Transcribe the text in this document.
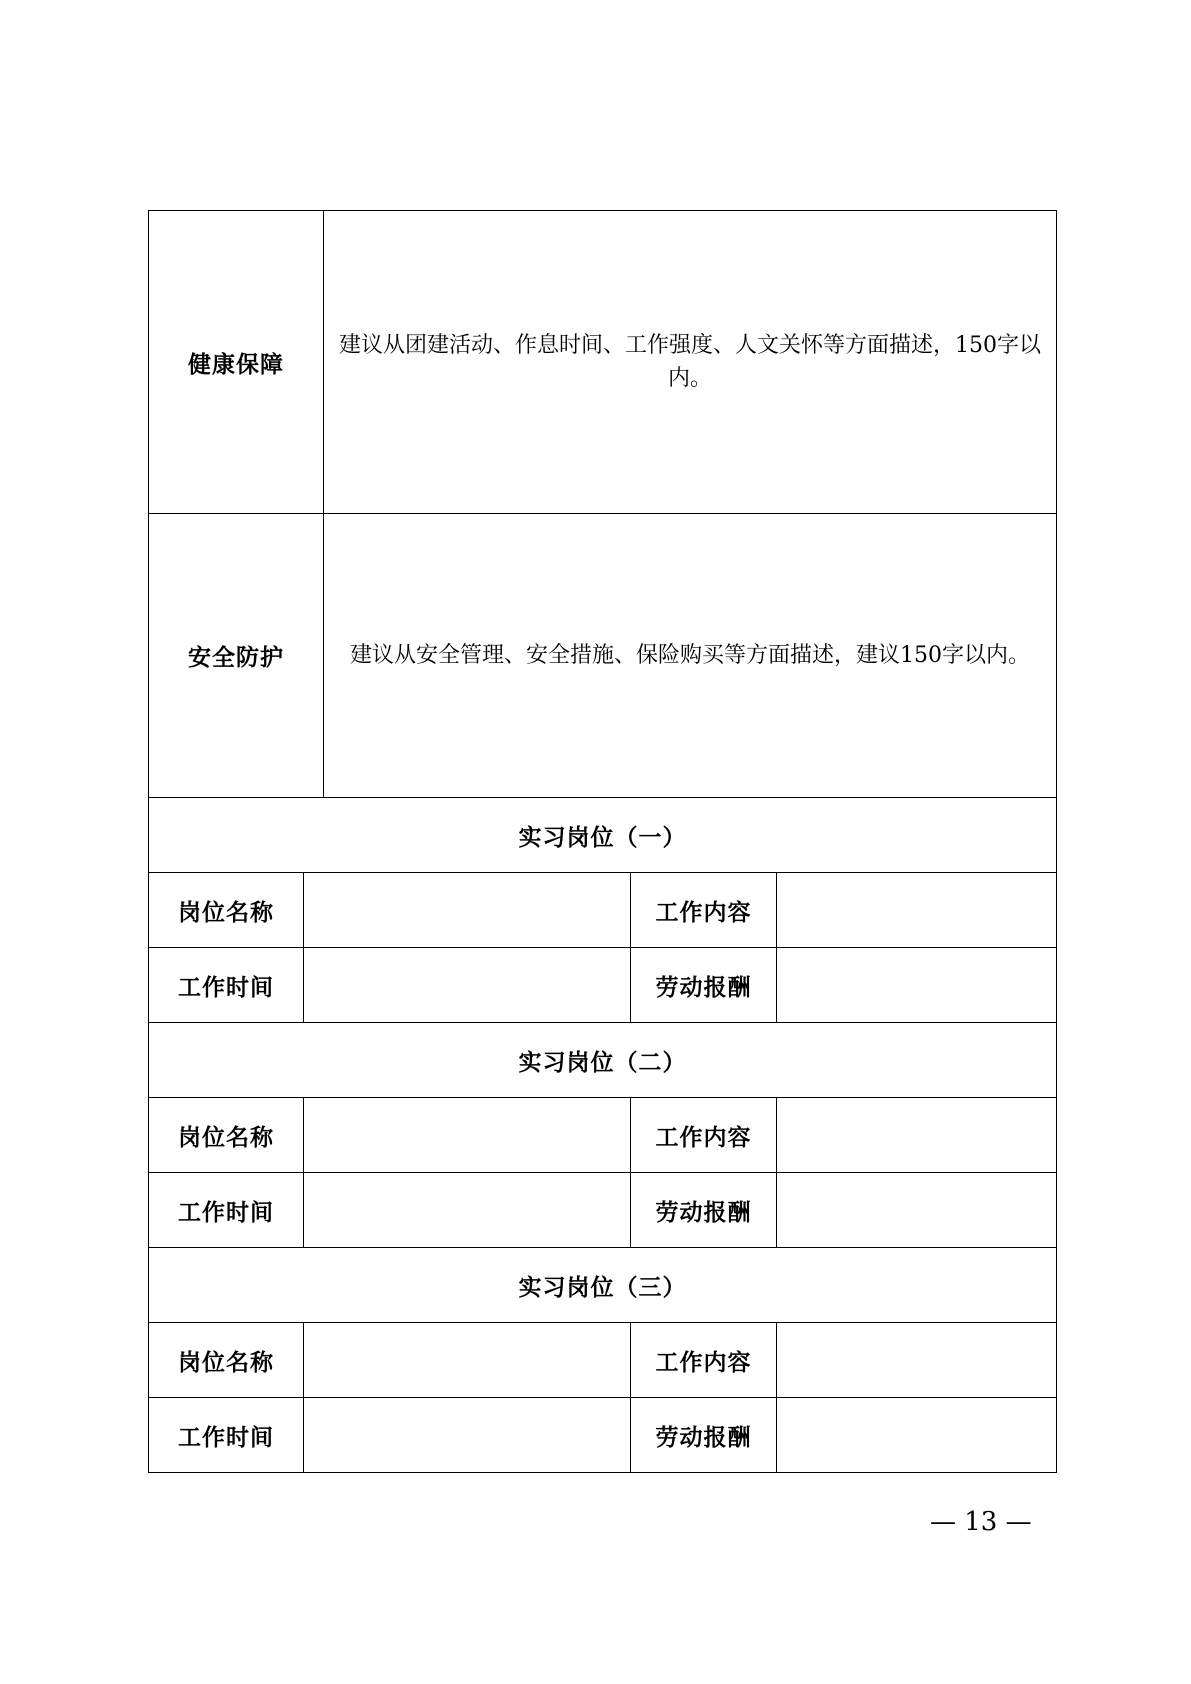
健康保障		建议从团建活动、作息时间、工作强度、人文关怀等方面描述，150字以内。		
安全防护		建议从安全管理、安全措施、保险购买等方面描述，建议150字以内。		
实习岗位（一）				
岗位名称			工作内容	
工作时间			劳动报酬	
实习岗位（二）				
岗位名称			工作内容	
工作时间			劳动报酬	
实习岗位（三）				
岗位名称			工作内容	
工作时间			劳动报酬	
— 13 —
